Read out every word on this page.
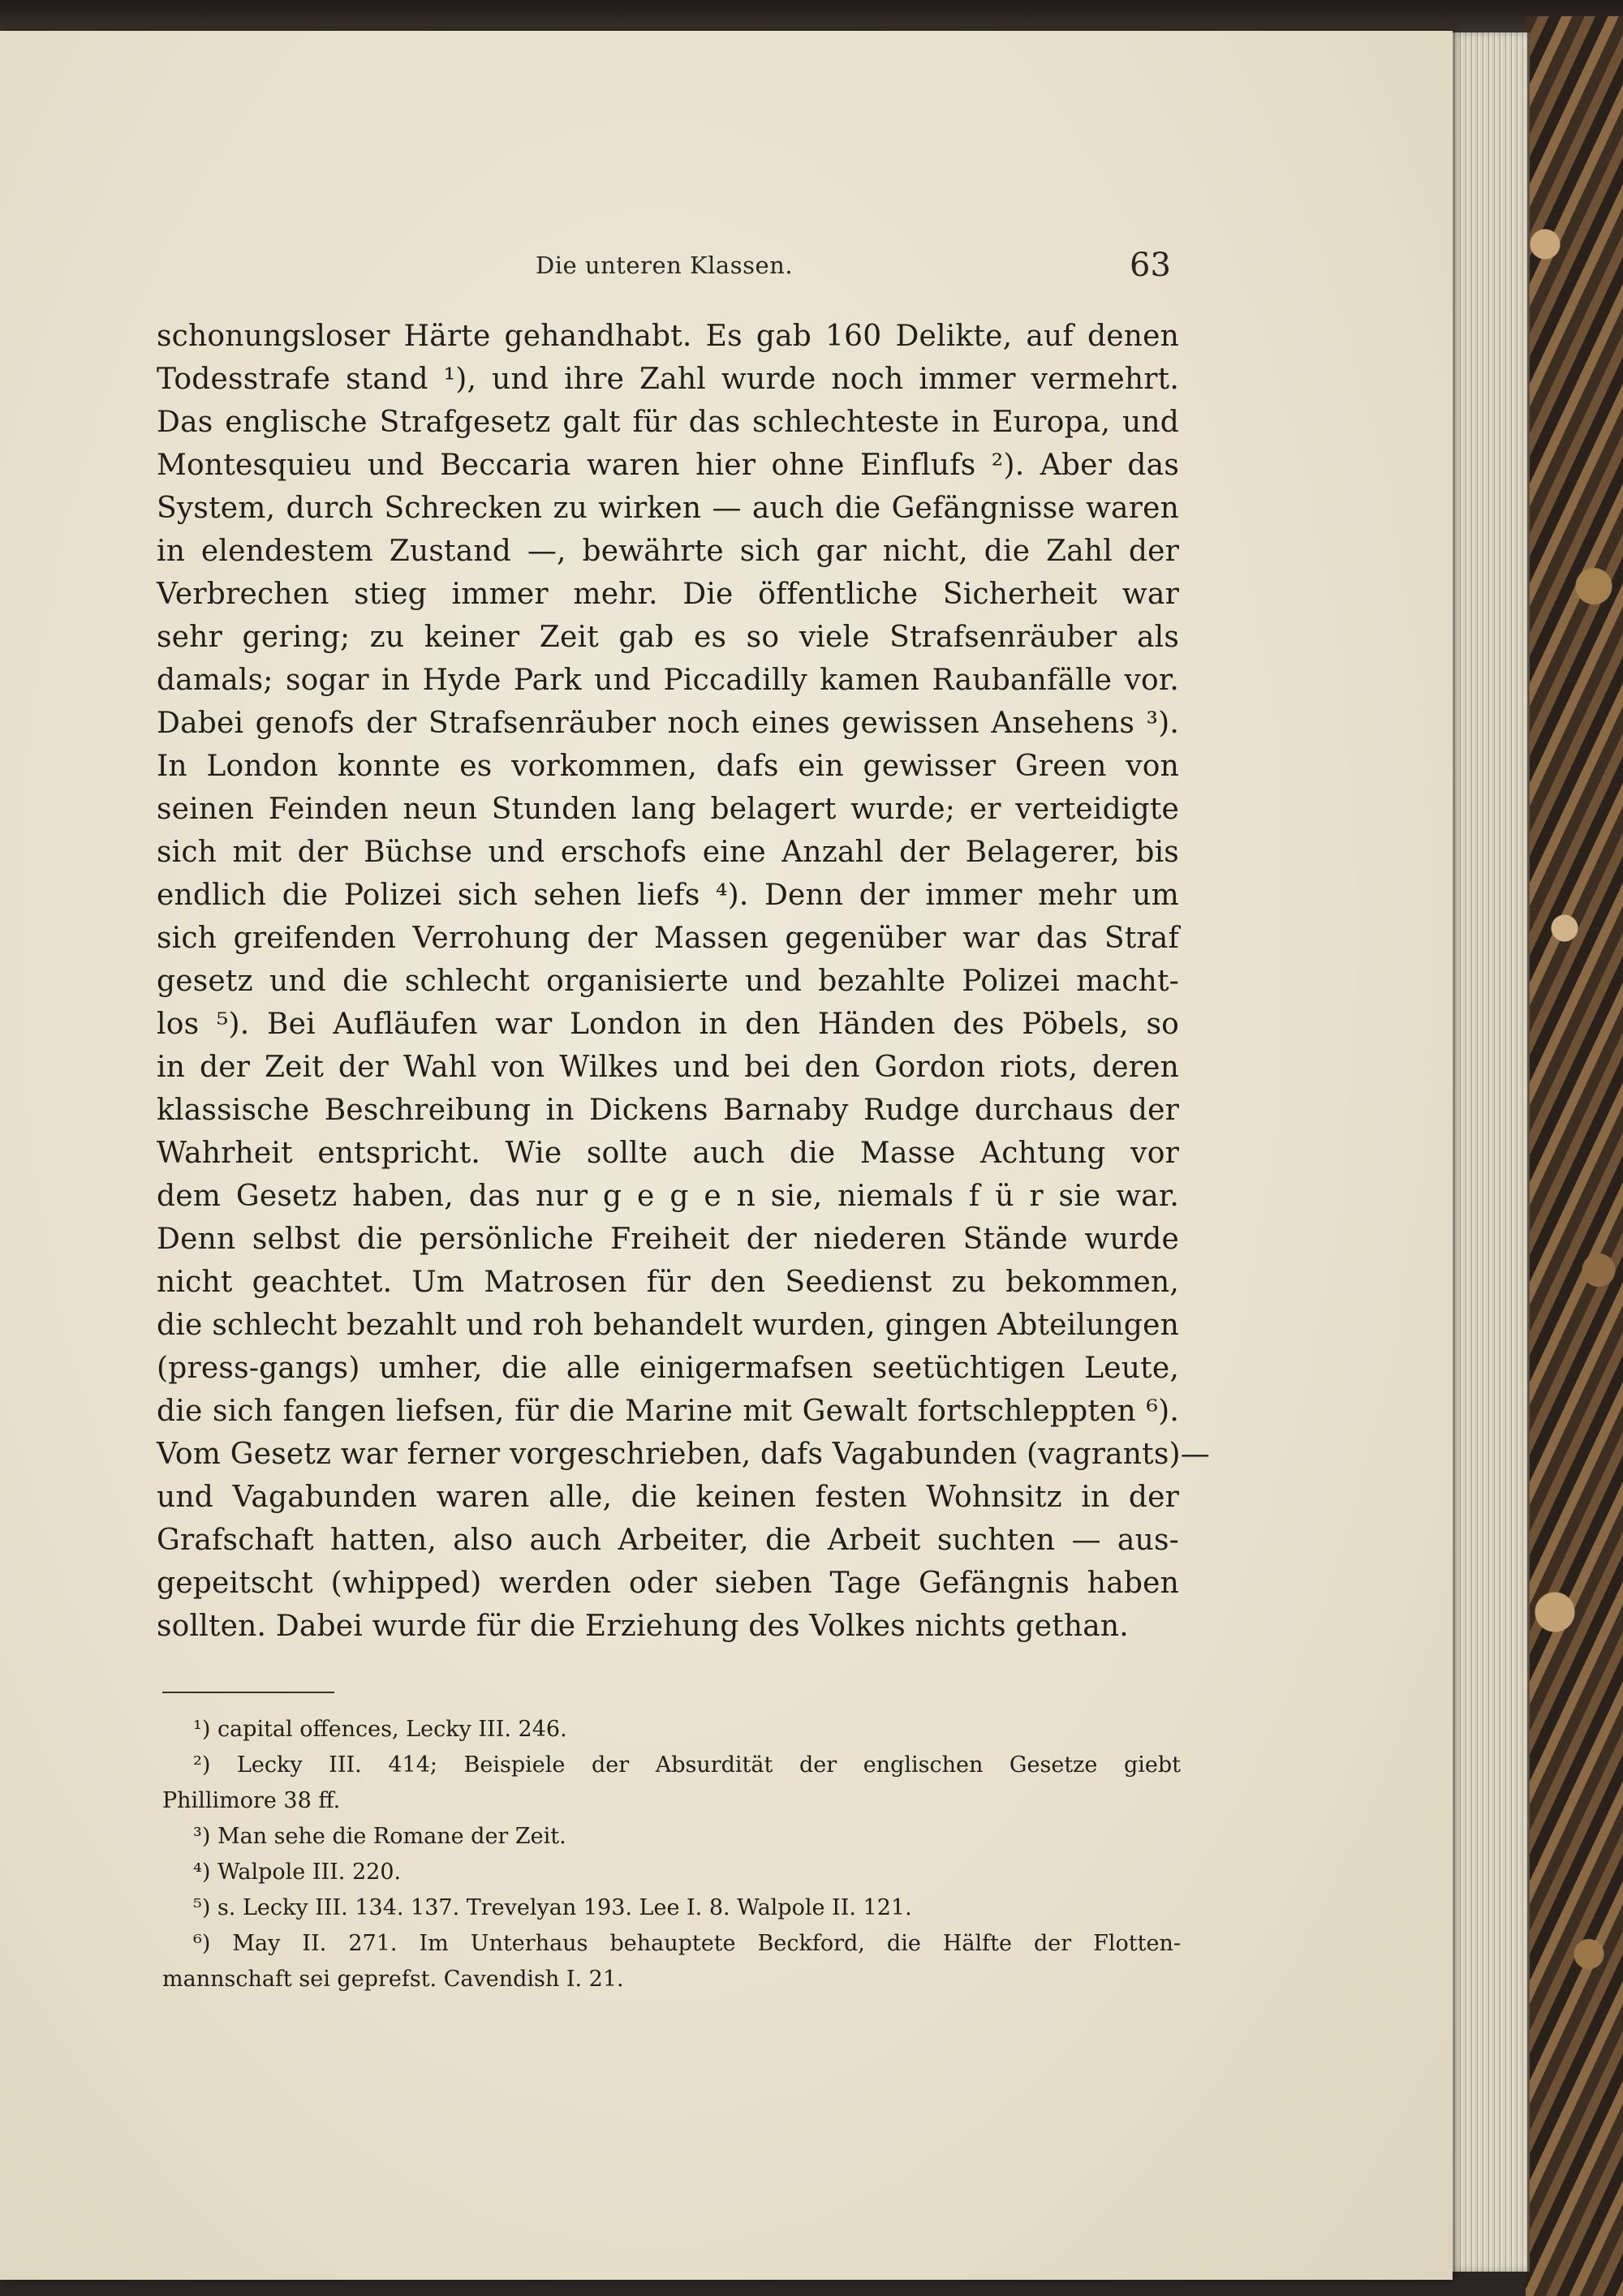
Die unteren Klassen.	63
schonungsloser Härte gehandhabt. Es gab 160 Delikte, auf denen
Todesstrafe stand ¹), und ihre Zahl wurde noch immer vermehrt.
Das englische Strafgesetz galt für das schlechteste in Europa, und
Montesquieu und Beccaria waren hier ohne Einflufs ²). Aber das
System, durch Schrecken zu wirken — auch die Gefängnisse waren
in elendestem Zustand —, bewährte sich gar nicht, die Zahl der
Verbrechen stieg immer mehr. Die öffentliche Sicherheit war
sehr gering; zu keiner Zeit gab es so viele Strafsenräuber als
damals; sogar in Hyde Park und Piccadilly kamen Raubanfälle vor.
Dabei genofs der Strafsenräuber noch eines gewissen Ansehens ³).
In London konnte es vorkommen, dafs ein gewisser Green von
seinen Feinden neun Stunden lang belagert wurde; er verteidigte
sich mit der Büchse und erschofs eine Anzahl der Belagerer, bis
endlich die Polizei sich sehen liefs ⁴). Denn der immer mehr um
sich greifenden Verrohung der Massen gegenüber war das Straf
gesetz und die schlecht organisierte und bezahlte Polizei macht-
los ⁵). Bei Aufläufen war London in den Händen des Pöbels, so
in der Zeit der Wahl von Wilkes und bei den Gordon riots, deren
klassische Beschreibung in Dickens Barnaby Rudge durchaus der
Wahrheit entspricht. Wie sollte auch die Masse Achtung vor
dem Gesetz haben, das nur g e g e n sie, niemals f ü r sie war.
Denn selbst die persönliche Freiheit der niederen Stände wurde
nicht geachtet. Um Matrosen für den Seedienst zu bekommen,
die schlecht bezahlt und roh behandelt wurden, gingen Abteilungen
(press-gangs) umher, die alle einigermafsen seetüchtigen Leute,
die sich fangen liefsen, für die Marine mit Gewalt fortschleppten ⁶).
Vom Gesetz war ferner vorgeschrieben, dafs Vagabunden (vagrants)—
und Vagabunden waren alle, die keinen festen Wohnsitz in der
Grafschaft hatten, also auch Arbeiter, die Arbeit suchten — aus-
gepeitscht (whipped) werden oder sieben Tage Gefängnis haben
sollten. Dabei wurde für die Erziehung des Volkes nichts gethan.
¹) capital offences, Lecky III. 246.
²) Lecky III. 414; Beispiele der Absurdität der englischen Gesetze giebt
Phillimore 38 ff.
³) Man sehe die Romane der Zeit.
⁴) Walpole III. 220.
⁵) s. Lecky III. 134. 137. Trevelyan 193. Lee I. 8. Walpole II. 121.
⁶) May II. 271. Im Unterhaus behauptete Beckford, die Hälfte der Flotten-
mannschaft sei geprefst. Cavendish I. 21.
